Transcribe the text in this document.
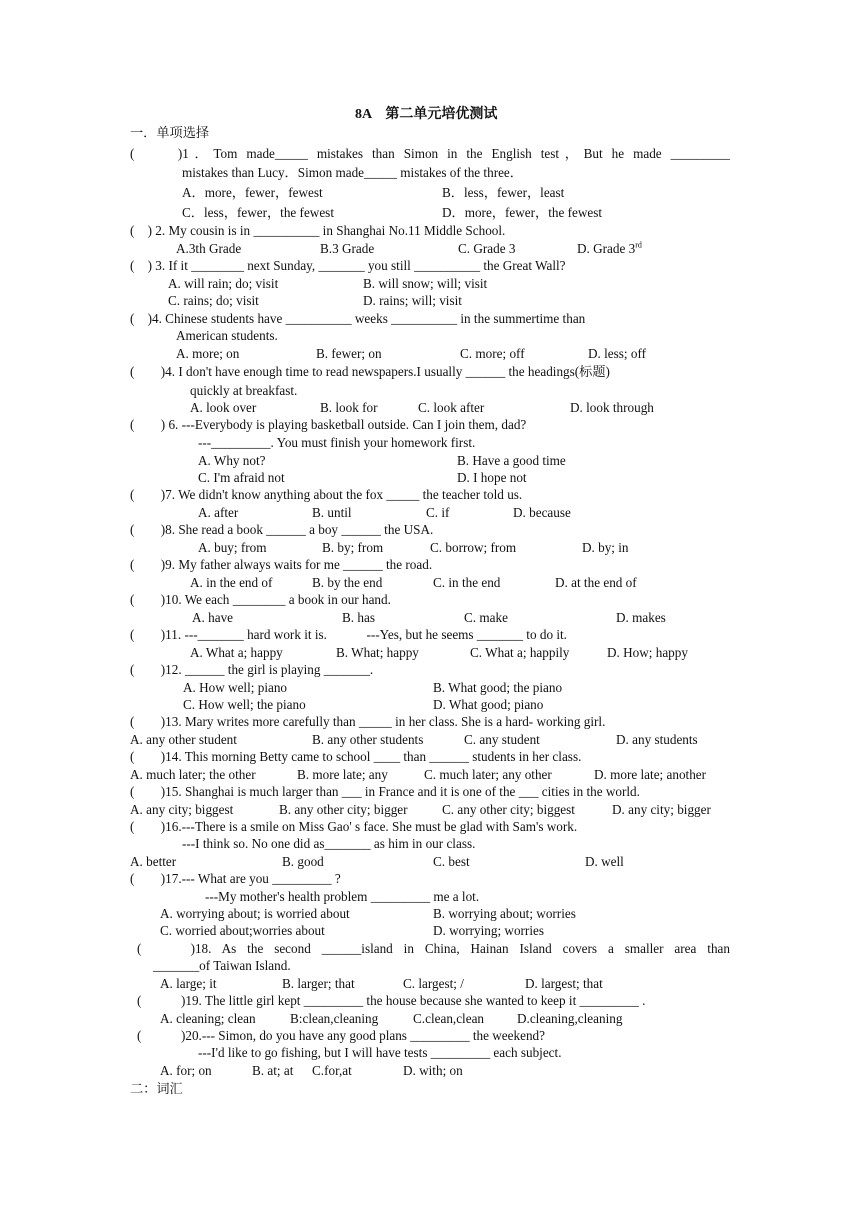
8A　第二单元培优测试
一．单项选择
(　　)1．Tom made_____ mistakes than Simon in the English test，But he made _________
mistakes than Lucy．Simon made_____ mistakes of the three．
A．more，fewer，fewest	B．less，fewer，least
C．less，fewer，the fewest	D．more，fewer，the fewest
(　) 2. My cousin is in __________ in Shanghai No.11 Middle School.
A.3th Grade	B.3 Grade	C. Grade 3	D. Grade 3rd
(　) 3. If it ________ next Sunday, _______ you still __________ the Great Wall?
A. will rain; do; visit	B. will snow; will; visit
C. rains; do; visit	D. rains; will; visit
(　)4. Chinese students have __________ weeks __________ in the summertime than
American students.
A. more; on	B. fewer; on	C. more; off	D. less; off
(　　)4. I don't have enough time to read newspapers.I usually ______ the headings(标题)
quickly at breakfast.
A. look over	B. look for	C. look after	D. look through
(　　) 6. ---Everybody is playing basketball outside. Can I join them, dad?
---_________. You must finish your homework first.
A. Why not?	B. Have a good time
C. I'm afraid not	D. I hope not
(　　)7. We didn't know anything about the fox _____ the teacher told us.
A. after	B. until	C. if	D. because
(　　)8. She read a book ______ a boy ______ the USA.
A. buy; from	B. by; from	C. borrow; from	D. by; in
(　　)9. My father always waits for me ______ the road.
A. in the end of	B. by the end	C. in the end	D. at the end of
(　　)10. We each ________ a book in our hand.
A. have	B. has	C. make	D. makes
(　　)11. ---_______ hard work it is.　　　---Yes, but he seems _______ to do it.
A. What a; happy	B. What; happy	C. What a; happily	D. How; happy
(　　)12. ______ the girl is playing _______.
A. How well; piano	B. What good; the piano
C. How well; the piano	D. What good; piano
(　　)13. Mary writes more carefully than _____ in her class. She is a hard- working girl.
A. any other student	B. any other students	C. any student	D. any students
(　　)14. This morning Betty came to school ____ than ______ students in her class.
A. much later; the other	B. more late; any	C. much later; any other	D. more late; another
(　　)15. Shanghai is much larger than ___ in France and it is one of the ___ cities in the world.
A. any city; biggest	B. any other city; bigger	C. any other city; biggest	D. any city; bigger
(　　)16.---There is a smile on Miss Gao' s face. She must be glad with Sam's work.
---I think so. No one did as_______ as him in our class.
A. better	B. good	C. best	D. well
(　　)17.--- What are you _________ ?
---My mother's health problem _________ me a lot.
A. worrying about; is worried about	B. worrying about; worries
C. worried about;worries about	D. worrying; worries
(　　)18. As the second ______island in China, Hainan Island covers a smaller area than
_______of Taiwan Island.
A. large; it	B. larger; that	C. largest; /	D. largest; that
(　　　)19. The little girl kept _________ the house because she wanted to keep it _________ .
A. cleaning; clean	B:clean,cleaning	C.clean,clean D.cleaning,cleaning
(　　　)20.--- Simon, do you have any good plans _________ the weekend?
---I'd like to go fishing, but I will have tests _________ each subject.
A. for; on	B. at; at C.for,at	D. with; on
二：词汇
